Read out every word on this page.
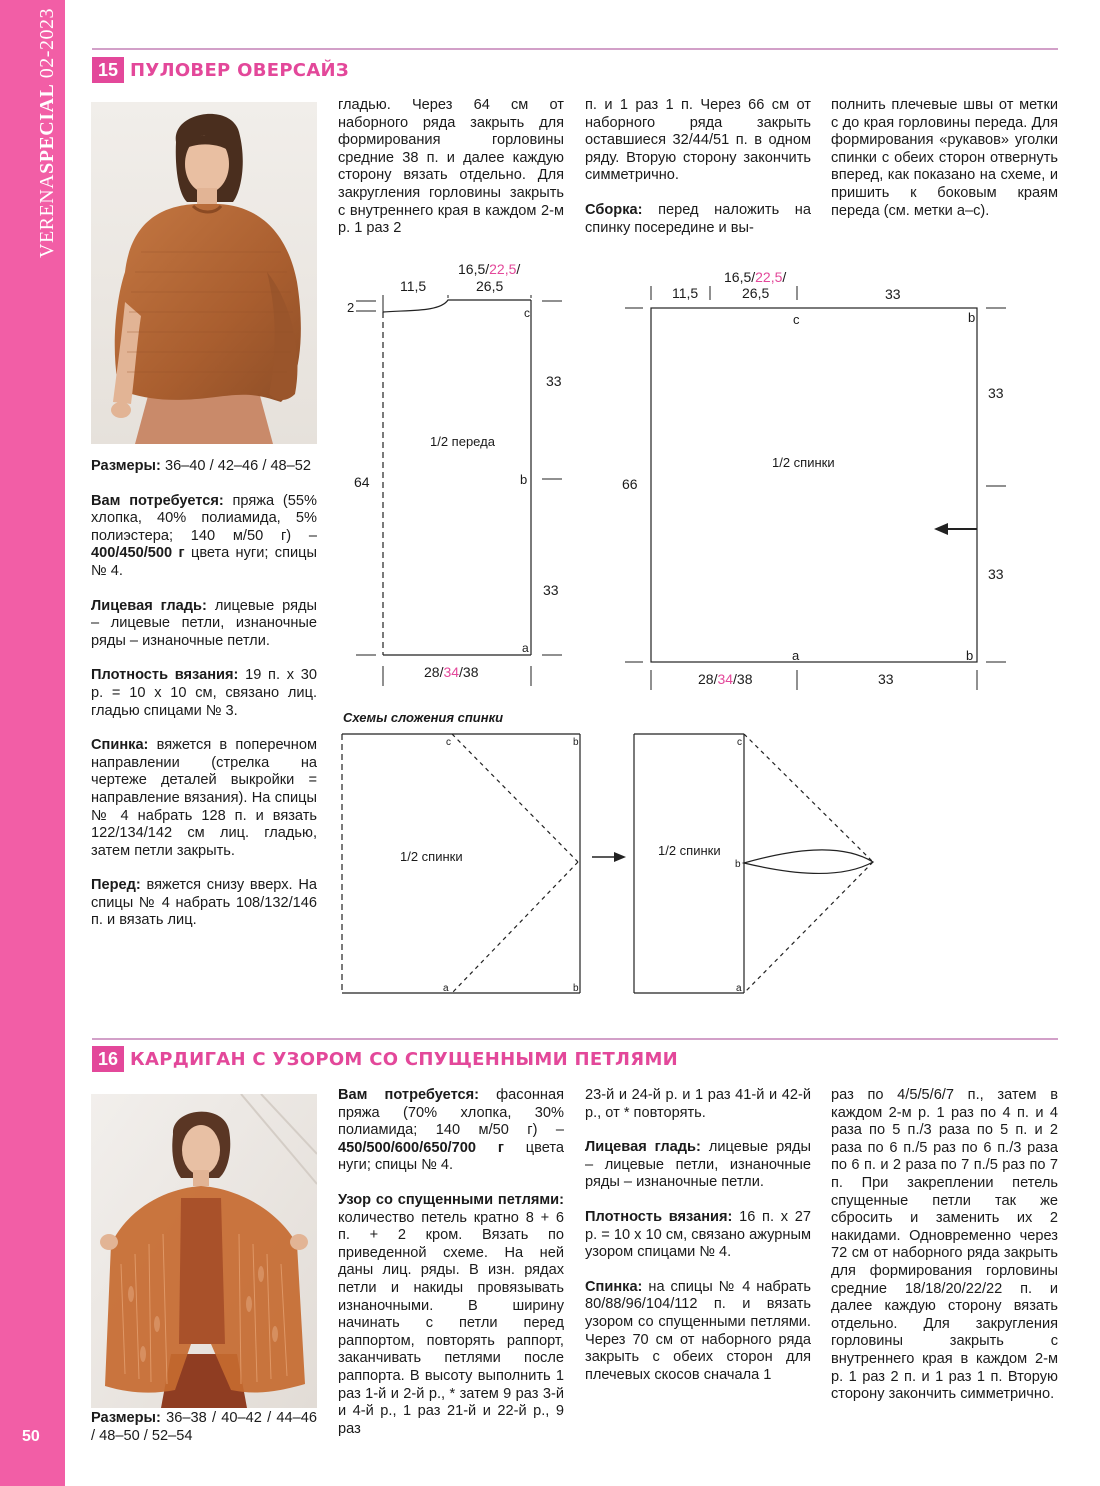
VERENASPECIAL 02-2023
50
15 ПУЛОВЕР ОВЕРСАЙЗ

Размеры: 36–40 / 42–46 / 48–52

Вам потребуется: пряжа (55% хлопка, 40% полиамида, 5% полиэстера; 140 м/50 г) – 400/450/500 г цвета нуги; спицы № 4.

Лицевая гладь: лицевые ряды – лицевые петли, изнаночные ряды – изнаночные петли.

Плотность вязания: 19 п. х 30 р. = 10 х 10 см, связано лиц. гладью спицами № 3.

Спинка: вяжется в поперечном направлении (стрелка на чертеже деталей выкройки = направление вязания). На спицы № 4 набрать 128 п. и вязать 122/134/142 см лиц. гладью, затем петли закрыть.

Перед: вяжется снизу вверх. На спицы № 4 набрать 108/132/146 п. и вязать лиц.

гладью. Через 64 см от наборного ряда закрыть для формирования горловины средние 38 п. и далее каждую сторону вязать отдельно. Для закругления горловины закрыть с внутреннего края в каждом 2-м р. 1 раз 2

п. и 1 раз 1 п. Через 66 см от наборного ряда закрыть оставшиеся 32/44/51 п. в одном ряду. Вторую сторону закончить симметрично.

Сборка: перед наложить на спинку посередине и вы-

полнить плечевые швы от метки с до края горловины переда. Для формирования «рукавов» уголки спинки с обеих сторон отвернуть вперед, как показано на схеме, и пришить к боковым краям переда (см. метки а–с).

11,5
16,5/22,5/
26,5
2	c
b
a
1/2 переда
33
33
64
28/34/38
11,5
16,5/22,5/
26,5	33
c	b
a	b
1/2 спинки
66
33
33
28/34/38	33
Схемы сложения спинки
c	b
a	b
1/2 спинки
c
b
a
1/2 спинки
16 КАРДИГАН С УЗОРОМ СО СПУЩЕННЫМИ ПЕТЛЯМИ

Размеры: 36–38 / 40–42 / 44–46 / 48–50 / 52–54

Вам потребуется: фасонная пряжа (70% хлопка, 30% полиамида; 140 м/50 г) – 450/500/600/650/700 г цвета нуги; спицы № 4.

Узор со спущенными петлями: количество петель кратно 8 + 6 п. + 2 кром. Вязать по приведенной схеме. На ней даны лиц. ряды. В изн. рядах петли и накиды провязывать изнаночными. В ширину начинать с петли перед раппортом, повторять раппорт, заканчивать петлями после раппорта. В высоту выполнить 1 раз 1-й и 2-й р., * затем 9 раз 3-й и 4-й р., 1 раз 21-й и 22-й р., 9 раз

23-й и 24-й р. и 1 раз 41-й и 42-й р., от * повторять.

Лицевая гладь: лицевые ряды – лицевые петли, изнаночные ряды – изнаночные петли.

Плотность вязания: 16 п. х 27 р. = 10 х 10 см, связано ажурным узором спицами № 4.

Спинка: на спицы № 4 набрать 80/88/96/104/112 п. и вязать узором со спущенными петлями. Через 70 см от наборного ряда закрыть с обеих сторон для плечевых скосов сначала 1

раз по 4/5/5/6/7 п., затем в каждом 2-м р. 1 раз по 4 п. и 4 раза по 5 п./3 раза по 5 п. и 2 раза по 6 п./5 раз по 6 п./3 раза по 6 п. и 2 раза по 7 п./5 раз по 7 п. При закреплении петель спущенные петли так же сбросить и заменить их 2 накидами. Одновременно через 72 см от наборного ряда закрыть для формирования горловины средние 18/18/20/22/22 п. и далее каждую сторону вязать отдельно. Для закругления горловины закрыть с внутреннего края в каждом 2-м р. 1 раз 2 п. и 1 раз 1 п. Вторую сторону закончить симметрично.
